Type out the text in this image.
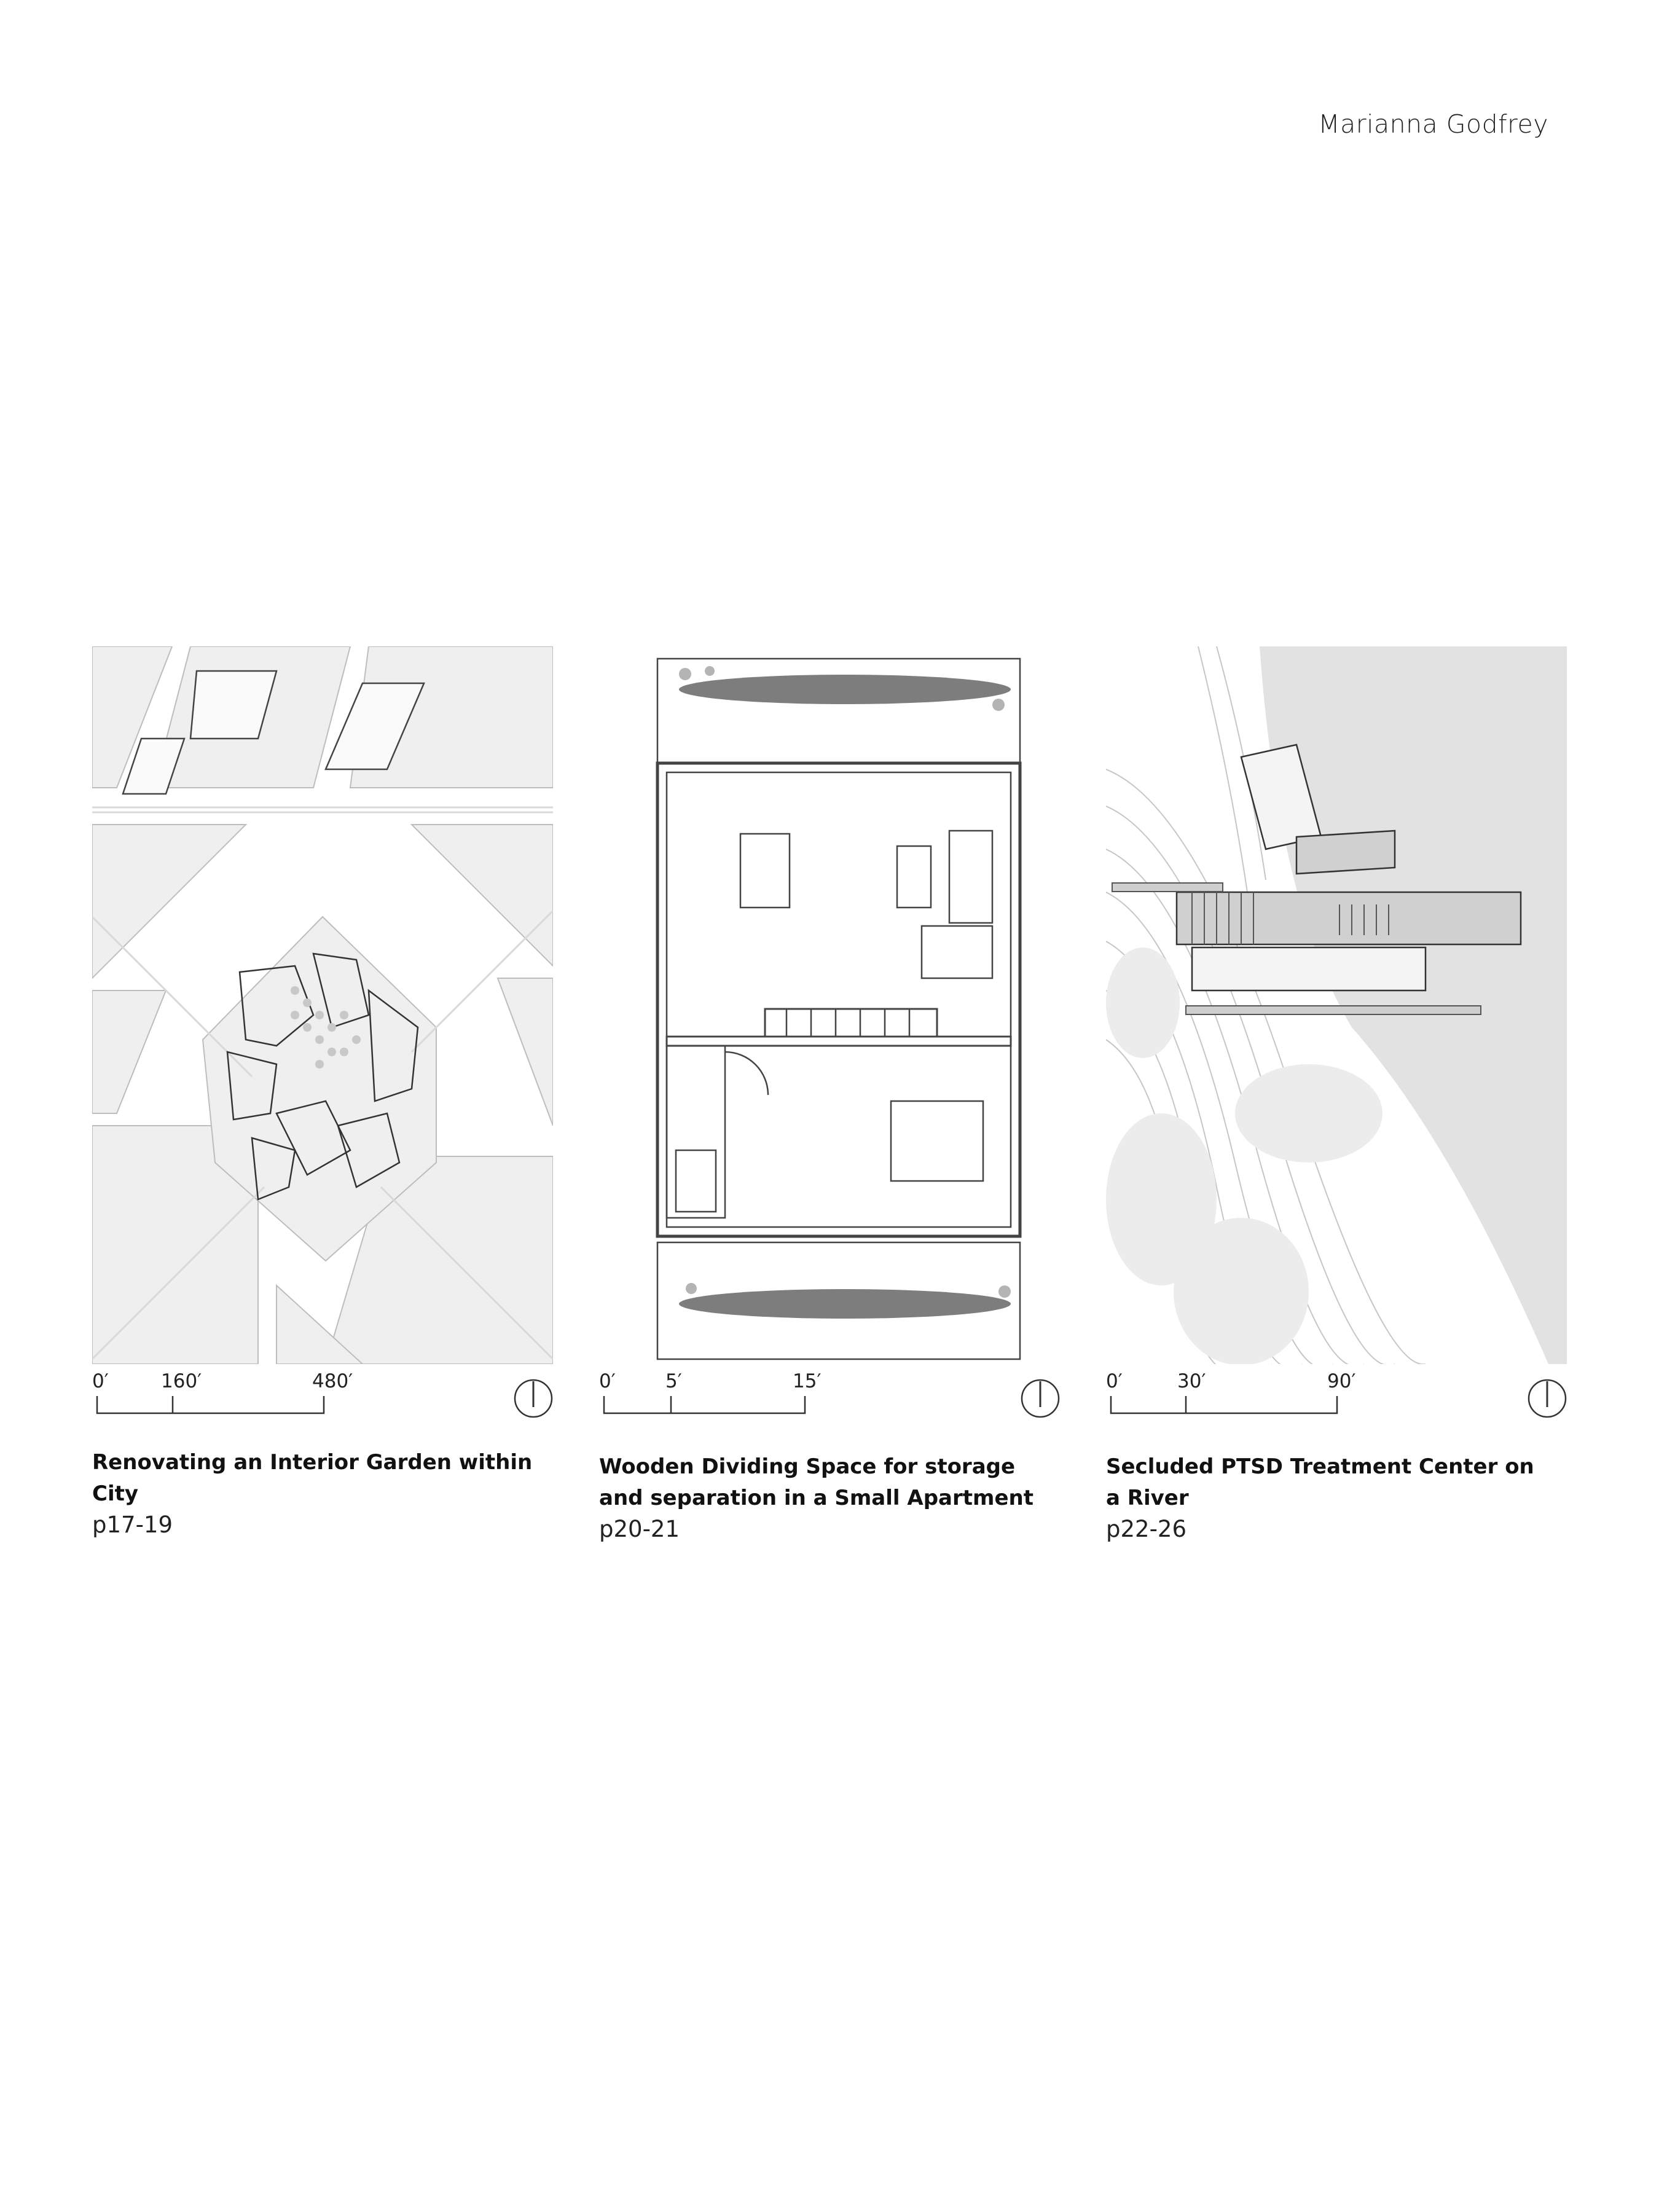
Marianna Godfrey
0′	160′	480′	0′	5′	15′	0′	30′	90′
Renovating an Interior Garden within City
p17-19
Wooden Dividing Space for storage and separation in a Small Apartment
p20-21
Secluded PTSD Treatment Center on a River
p22-26
